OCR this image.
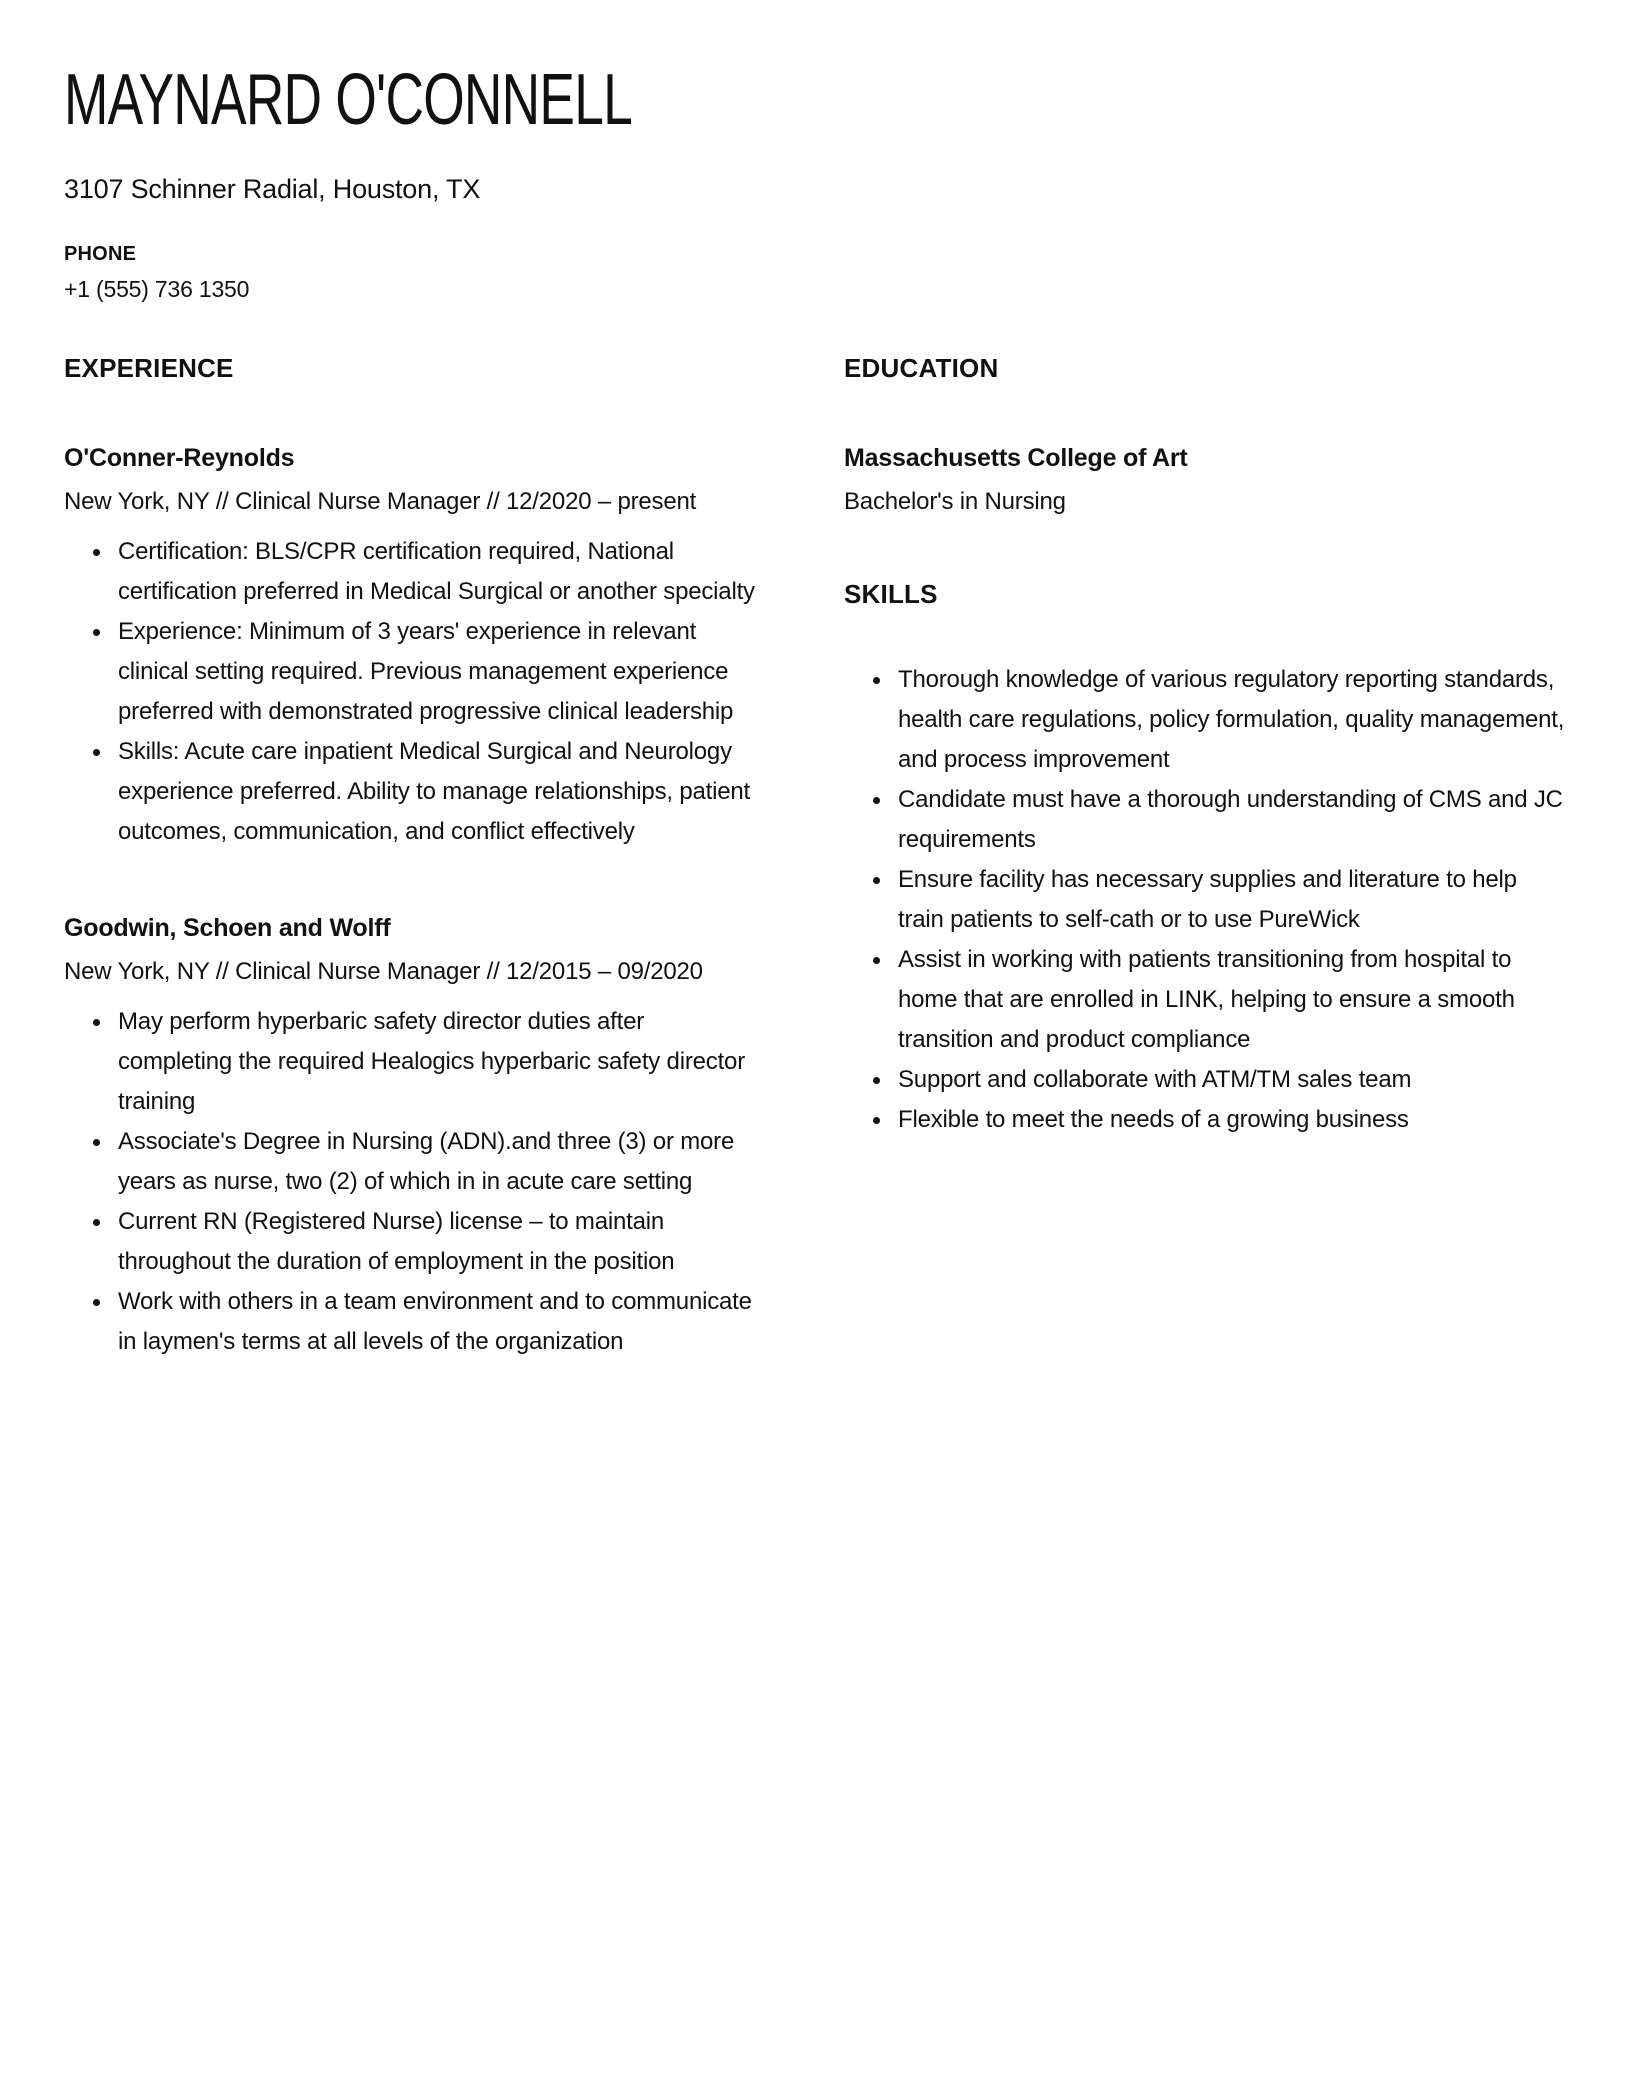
MAYNARD O'CONNELL
3107 Schinner Radial, Houston, TX
PHONE
+1 (555) 736 1350
EXPERIENCE
O'Conner-Reynolds
New York, NY // Clinical Nurse Manager // 12/2020 – present
Certification: BLS/CPR certification required, National certification preferred in Medical Surgical or another specialty
Experience: Minimum of 3 years' experience in relevant clinical setting required. Previous management experience preferred with demonstrated progressive clinical leadership
Skills: Acute care inpatient Medical Surgical and Neurology experience preferred. Ability to manage relationships, patient outcomes, communication, and conflict effectively
Goodwin, Schoen and Wolff
New York, NY // Clinical Nurse Manager // 12/2015 – 09/2020
May perform hyperbaric safety director duties after completing the required Healogics hyperbaric safety director training
Associate's Degree in Nursing (ADN).and three (3) or more years as nurse, two (2) of which in in acute care setting
Current RN (Registered Nurse) license – to maintain throughout the duration of employment in the position
Work with others in a team environment and to communicate in laymen's terms at all levels of the organization
EDUCATION
Massachusetts College of Art
Bachelor's in Nursing
SKILLS
Thorough knowledge of various regulatory reporting standards, health care regulations, policy formulation, quality management, and process improvement
Candidate must have a thorough understanding of CMS and JC requirements
Ensure facility has necessary supplies and literature to help train patients to self-cath or to use PureWick
Assist in working with patients transitioning from hospital to home that are enrolled in LINK, helping to ensure a smooth transition and product compliance
Support and collaborate with ATM/TM sales team
Flexible to meet the needs of a growing business
